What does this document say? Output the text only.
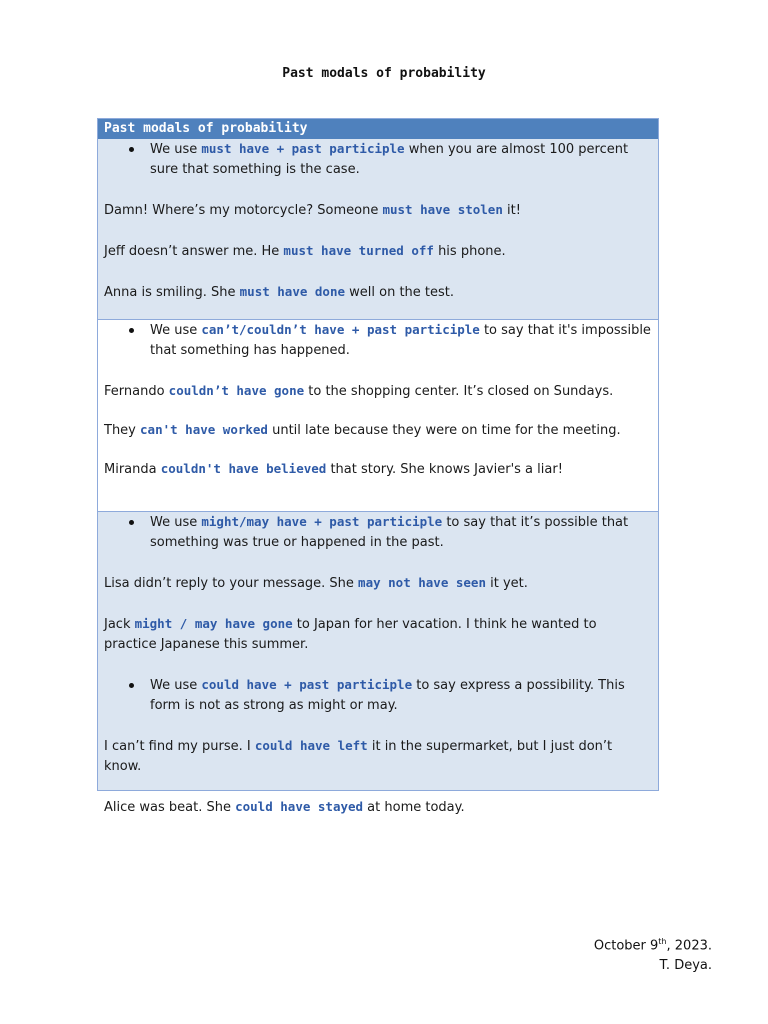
Past modals of probability
Past modals of probability
We use must have + past participle when you are almost 100 percent sure that something is the case.

Damn! Where’s my motorcycle? Someone must have stolen it!

Jeff doesn’t answer me. He must have turned off his phone.

Anna is smiling. She must have done well on the test.

We use can’t/couldn’t have + past participle to say that it's impossible that something has happened.

Fernando couldn’t have gone to the shopping center. It’s closed on Sundays.

They can't have worked until late because they were on time for the meeting.

Miranda couldn't have believed that story. She knows Javier's a liar!

We use might/may have + past participle to say that it’s possible that something was true or happened in the past.

Lisa didn’t reply to your message. She may not have seen it yet.

Jack might / may have gone to Japan for her vacation. I think he wanted to practice Japanese this summer.

We use could have + past participle to say express a possibility. This form is not as strong as might or may.

I can’t find my purse. I could have left it in the supermarket, but I just don’t know.

Alice was beat. She could have stayed at home today.

October 9th, 2023.
T. Deya.
